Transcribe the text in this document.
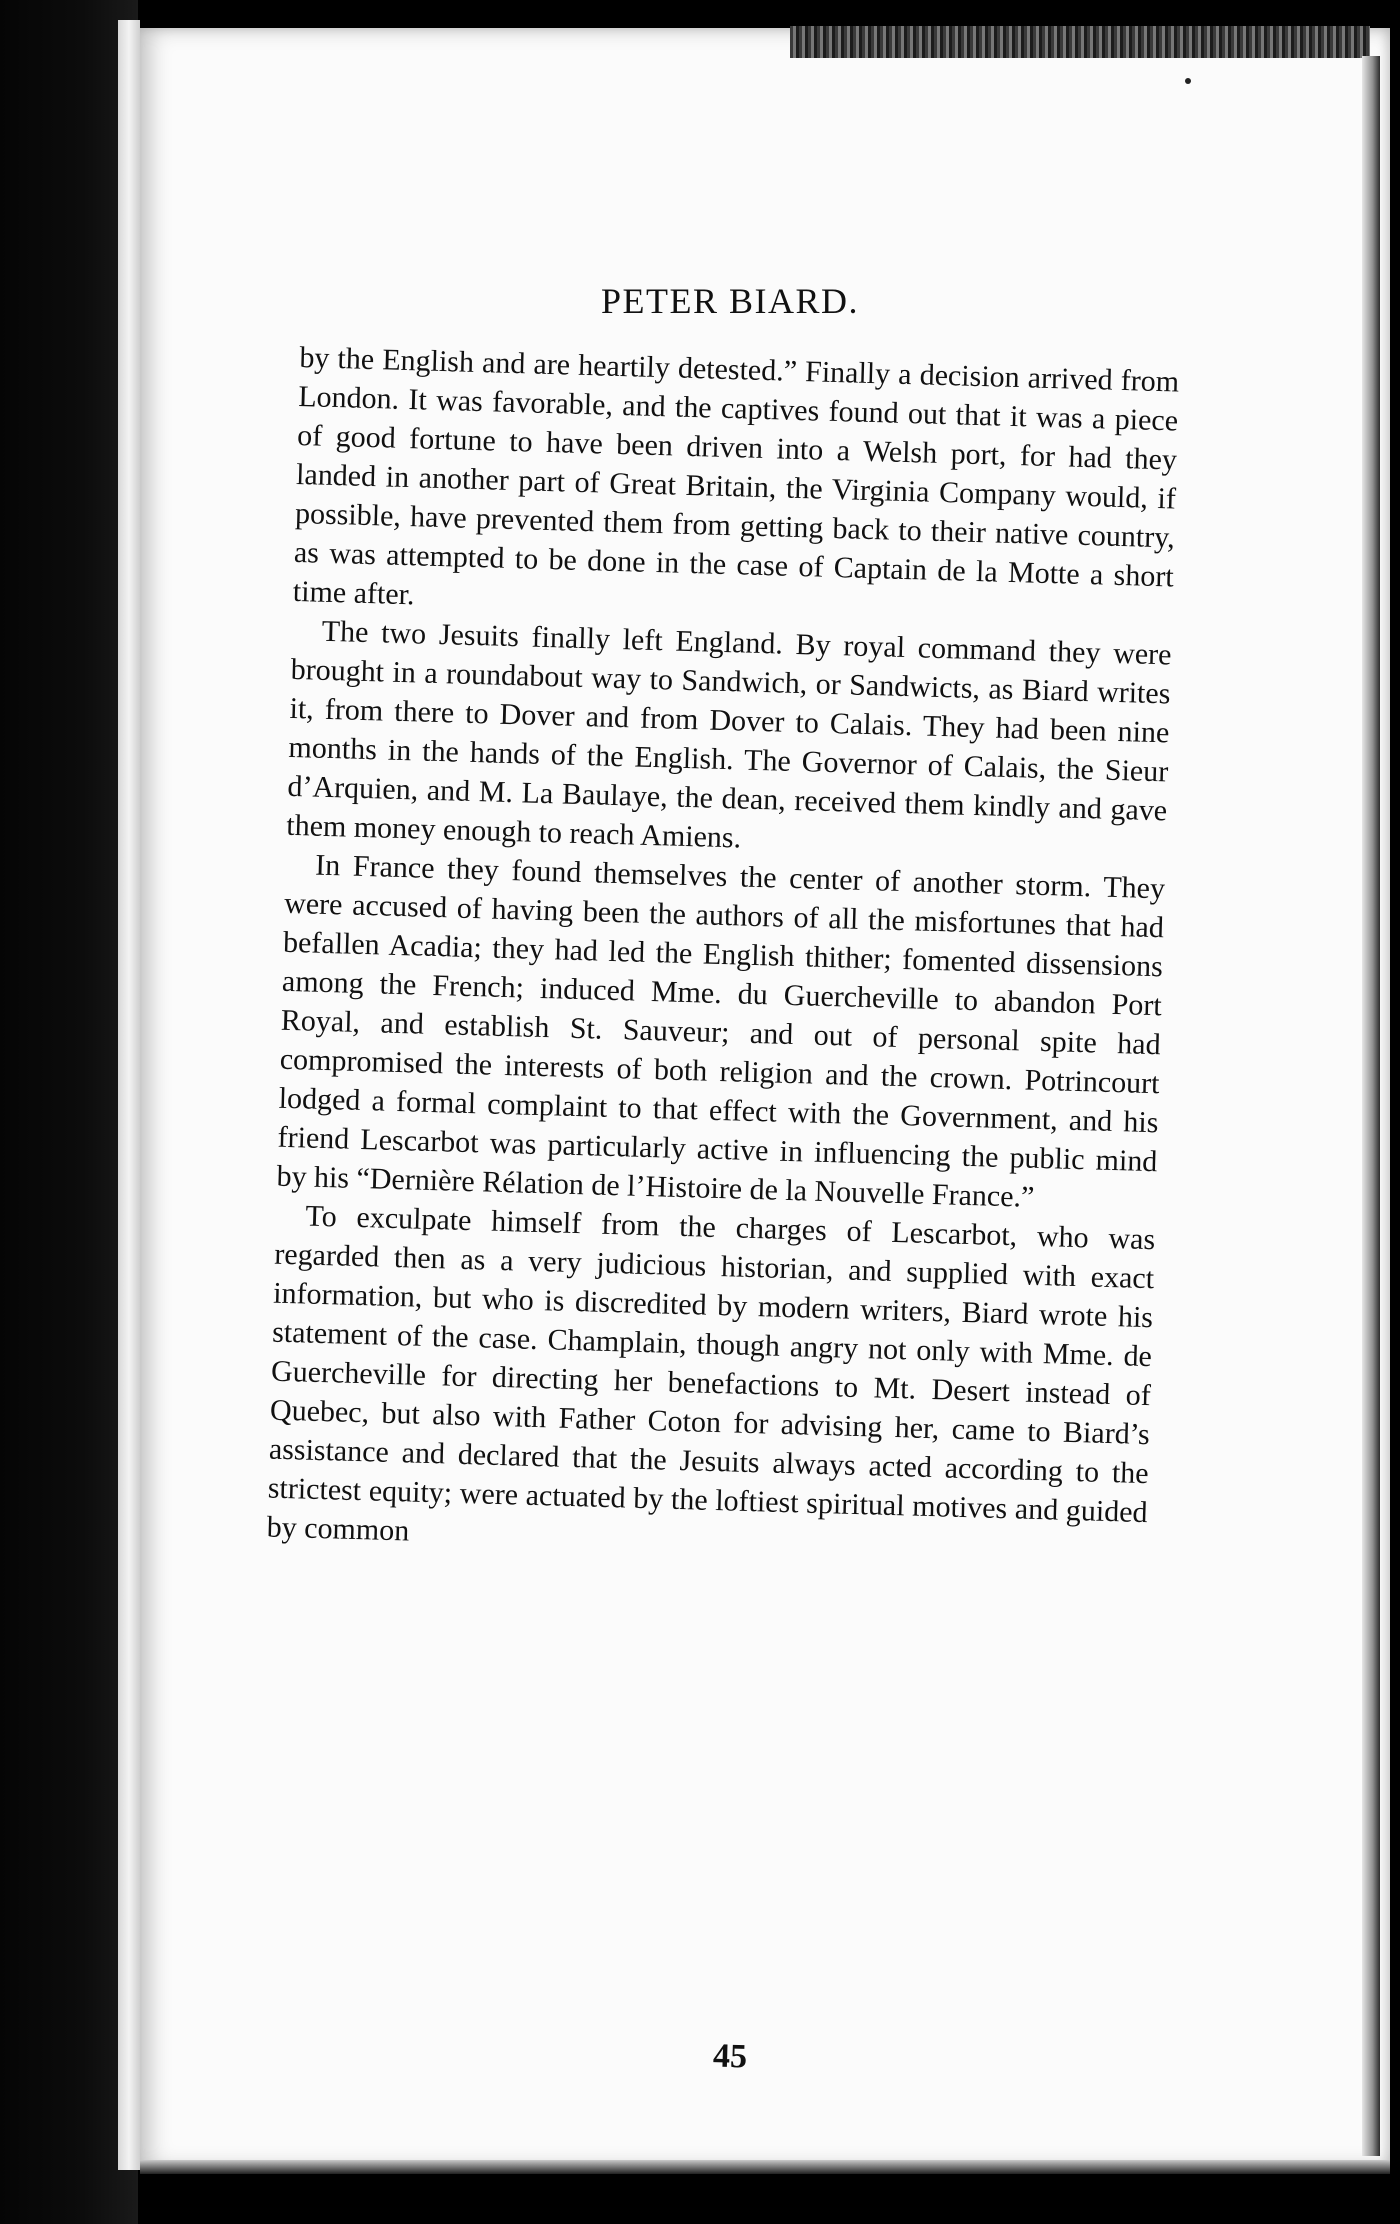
PETER BIARD.

by the English and are heartily detested.” Finally a decision arrived from London. It was favorable, and the captives found out that it was a piece of good fortune to have been driven into a Welsh port, for had they landed in another part of Great Britain, the Virginia Company would, if possible, have prevented them from getting back to their native country, as was attempted to be done in the case of Captain de la Motte a short time after.

The two Jesuits finally left England. By royal command they were brought in a roundabout way to Sandwich, or Sandwicts, as Biard writes it, from there to Dover and from Dover to Calais. They had been nine months in the hands of the English. The Governor of Calais, the Sieur d’Arquien, and M. La Baulaye, the dean, received them kindly and gave them money enough to reach Amiens.

In France they found themselves the center of another storm. They were accused of having been the authors of all the misfortunes that had befallen Acadia; they had led the English thither; fomented dissensions among the French; induced Mme. du Guercheville to abandon Port Royal, and establish St. Sauveur; and out of personal spite had compromised the interests of both religion and the crown. Potrincourt lodged a formal complaint to that effect with the Government, and his friend Lescarbot was particularly active in influencing the public mind by his “Dernière Rélation de l’Histoire de la Nouvelle France.”

To exculpate himself from the charges of Lescarbot, who was regarded then as a very judicious historian, and supplied with exact information, but who is discredited by modern writers, Biard wrote his statement of the case. Champlain, though angry not only with Mme. de Guercheville for directing her benefactions to Mt. Desert instead of Quebec, but also with Father Coton for advising her, came to Biard’s assistance and declared that the Jesuits always acted according to the strictest equity; were actuated by the loftiest spiritual motives and guided by common

45
